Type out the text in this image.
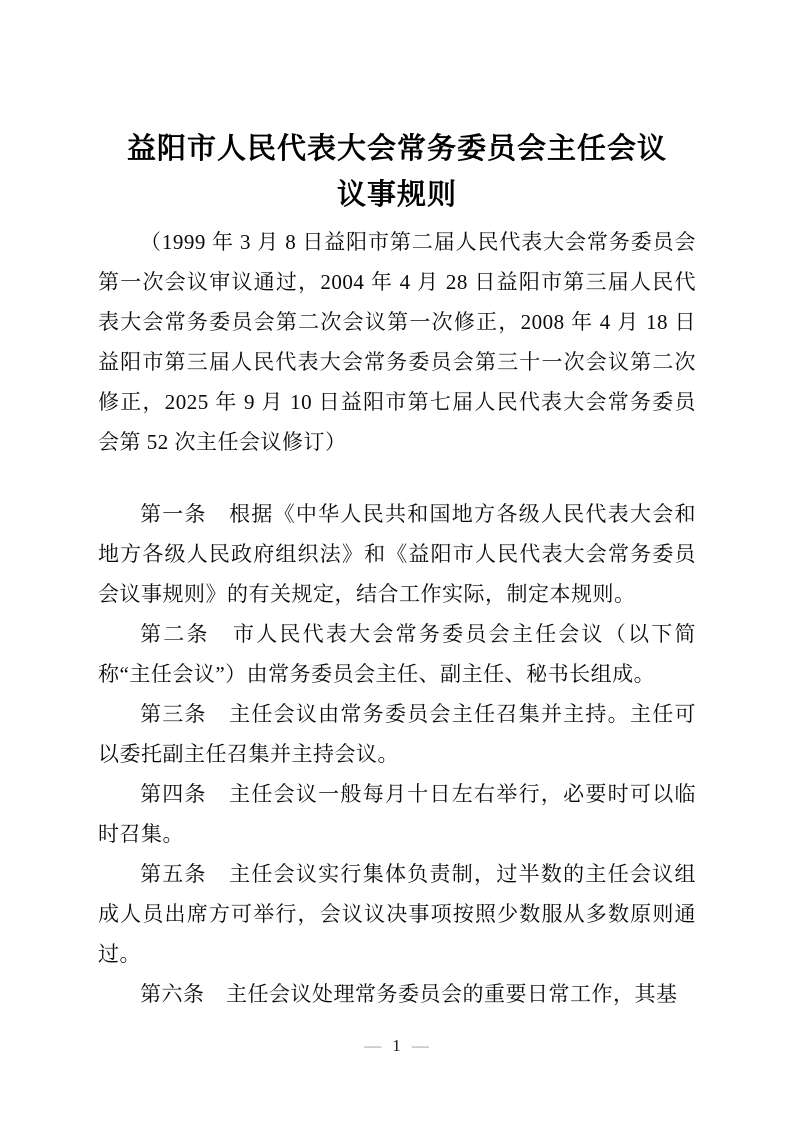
益阳市人民代表大会常务委员会主任会议
议事规则

（1999 年 3 月 8 日益阳市第二届人民代表大会常务委员会第一次会议审议通过，2004 年 4 月 28 日益阳市第三届人民代表大会常务委员会第二次会议第一次修正，2008 年 4 月 18 日益阳市第三届人民代表大会常务委员会第三十一次会议第二次修正，2025 年 9 月 10 日益阳市第七届人民代表大会常务委员会第 52 次主任会议修订）

第一条　根据《中华人民共和国地方各级人民代表大会和地方各级人民政府组织法》和《益阳市人民代表大会常务委员会议事规则》的有关规定，结合工作实际，制定本规则。

第二条　市人民代表大会常务委员会主任会议（以下简称“主任会议”）由常务委员会主任、副主任、秘书长组成。

第三条　主任会议由常务委员会主任召集并主持。主任可以委托副主任召集并主持会议。

第四条　主任会议一般每月十日左右举行，必要时可以临时召集。

第五条　主任会议实行集体负责制，过半数的主任会议组成人员出席方可举行，会议议决事项按照少数服从多数原则通过。

第六条　主任会议处理常务委员会的重要日常工作，其基

— 1 —
